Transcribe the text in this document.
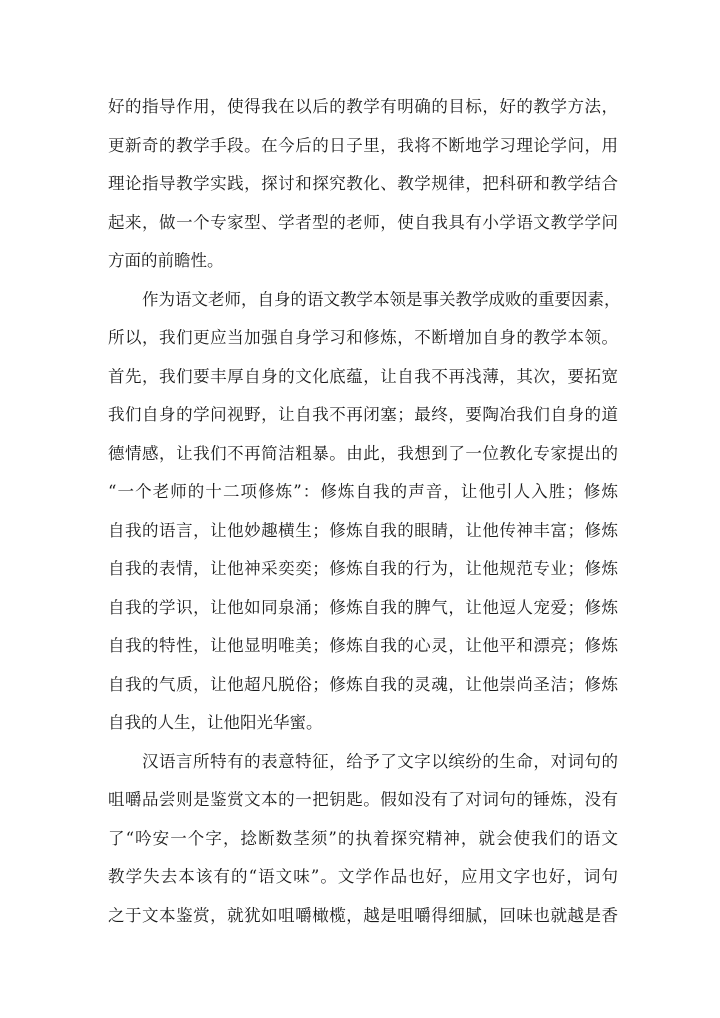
好的指导作用，使得我在以后的教学有明确的目标，好的教学方法，
更新奇的教学手段。在今后的日子里，我将不断地学习理论学问，用
理论指导教学实践，探讨和探究教化、教学规律，把科研和教学结合
起来，做一个专家型、学者型的老师，使自我具有小学语文教学学问
方面的前瞻性。
作为语文老师，自身的语文教学本领是事关教学成败的重要因素，
所以，我们更应当加强自身学习和修炼，不断增加自身的教学本领。
首先，我们要丰厚自身的文化底蕴，让自我不再浅薄，其次，要拓宽
我们自身的学问视野，让自我不再闭塞；最终，要陶冶我们自身的道
德情感，让我们不再简洁粗暴。由此，我想到了一位教化专家提出的
“一个老师的十二项修炼”：修炼自我的声音，让他引人入胜；修炼
自我的语言，让他妙趣横生；修炼自我的眼睛，让他传神丰富；修炼
自我的表情，让他神采奕奕；修炼自我的行为，让他规范专业；修炼
自我的学识，让他如同泉涌；修炼自我的脾气，让他逗人宠爱；修炼
自我的特性，让他显明唯美；修炼自我的心灵，让他平和漂亮；修炼
自我的气质，让他超凡脱俗；修炼自我的灵魂，让他崇尚圣洁；修炼
自我的人生，让他阳光华蜜。
汉语言所特有的表意特征，给予了文字以缤纷的生命，对词句的
咀嚼品尝则是鉴赏文本的一把钥匙。假如没有了对词句的锤炼，没有
了“吟安一个字，捻断数茎须”的执着探究精神，就会使我们的语文
教学失去本该有的“语文味”。文学作品也好，应用文字也好，词句
之于文本鉴赏，就犹如咀嚼橄榄，越是咀嚼得细腻，回味也就越是香
